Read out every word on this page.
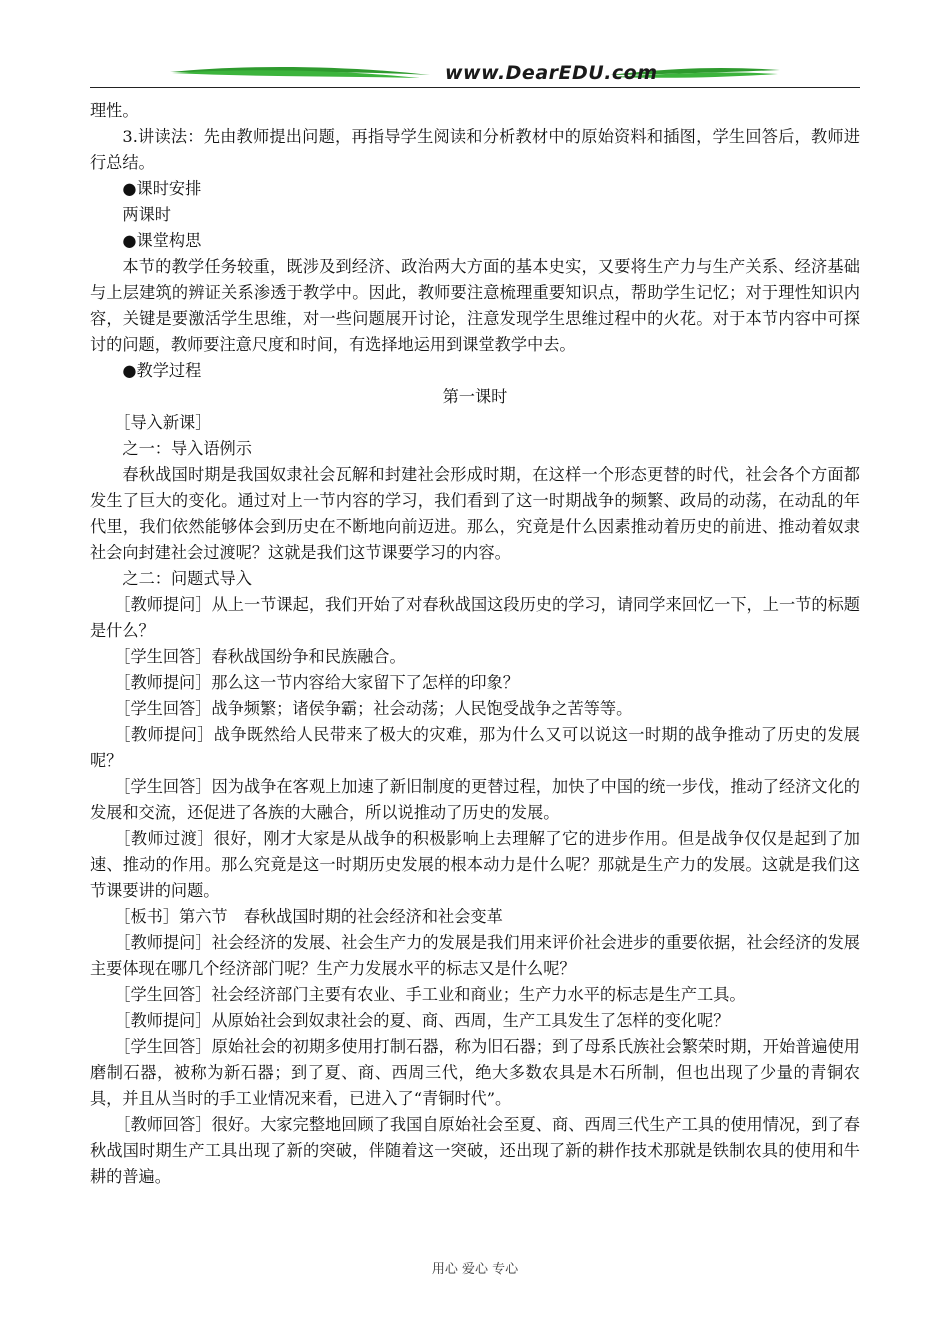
www.DearEDU.com

理性。

3.讲读法：先由教师提出问题，再指导学生阅读和分析教材中的原始资料和插图，学生回答后，教师进行总结。

●课时安排

两课时

●课堂构思

本节的教学任务较重，既涉及到经济、政治两大方面的基本史实，又要将生产力与生产关系、经济基础与上层建筑的辨证关系渗透于教学中。因此，教师要注意梳理重要知识点，帮助学生记忆；对于理性知识内容，关键是要激活学生思维，对一些问题展开讨论，注意发现学生思维过程中的火花。对于本节内容中可探讨的问题，教师要注意尺度和时间，有选择地运用到课堂教学中去。

●教学过程

第一课时

［导入新课］

之一：导入语例示

春秋战国时期是我国奴隶社会瓦解和封建社会形成时期，在这样一个形态更替的时代，社会各个方面都发生了巨大的变化。通过对上一节内容的学习，我们看到了这一时期战争的频繁、政局的动荡，在动乱的年代里，我们依然能够体会到历史在不断地向前迈进。那么，究竟是什么因素推动着历史的前进、推动着奴隶社会向封建社会过渡呢？这就是我们这节课要学习的内容。

之二：问题式导入

［教师提问］从上一节课起，我们开始了对春秋战国这段历史的学习，请同学来回忆一下，上一节的标题是什么？

［学生回答］春秋战国纷争和民族融合。

［教师提问］那么这一节内容给大家留下了怎样的印象？

［学生回答］战争频繁；诸侯争霸；社会动荡；人民饱受战争之苦等等。

［教师提问］战争既然给人民带来了极大的灾难，那为什么又可以说这一时期的战争推动了历史的发展呢？

［学生回答］因为战争在客观上加速了新旧制度的更替过程，加快了中国的统一步伐，推动了经济文化的发展和交流，还促进了各族的大融合，所以说推动了历史的发展。

［教师过渡］很好，刚才大家是从战争的积极影响上去理解了它的进步作用。但是战争仅仅是起到了加速、推动的作用。那么究竟是这一时期历史发展的根本动力是什么呢？那就是生产力的发展。这就是我们这节课要讲的问题。

［板书］第六节　春秋战国时期的社会经济和社会变革

［教师提问］社会经济的发展、社会生产力的发展是我们用来评价社会进步的重要依据，社会经济的发展主要体现在哪几个经济部门呢？生产力发展水平的标志又是什么呢？

［学生回答］社会经济部门主要有农业、手工业和商业；生产力水平的标志是生产工具。

［教师提问］从原始社会到奴隶社会的夏、商、西周，生产工具发生了怎样的变化呢？

［学生回答］原始社会的初期多使用打制石器，称为旧石器；到了母系氏族社会繁荣时期，开始普遍使用磨制石器，被称为新石器；到了夏、商、西周三代，绝大多数农具是木石所制，但也出现了少量的青铜农具，并且从当时的手工业情况来看，已进入了“青铜时代”。

［教师回答］很好。大家完整地回顾了我国自原始社会至夏、商、西周三代生产工具的使用情况，到了春秋战国时期生产工具出现了新的突破，伴随着这一突破，还出现了新的耕作技术那就是铁制农具的使用和牛耕的普遍。

用心 爱心 专心
